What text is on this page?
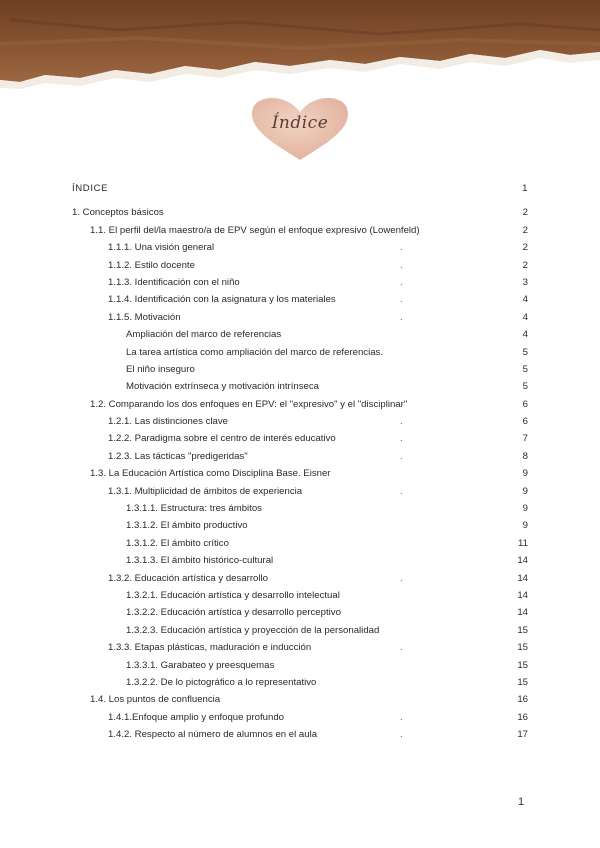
Índice
ÍNDICE	1
1. Conceptos básicos	2
1.1. El perfil del/la maestro/a de EPV según el enfoque expresivo (Lowenfeld)	2
1.1.1. Una visión general	.	2
1.1.2. Estilo docente	.	2
1.1.3. Identificación con el niño	.	3
1.1.4. Identificación con la asignatura y los materiales	.	4
1.1.5. Motivación	.	4
Ampliación del marco de referencias	4
La tarea artística como ampliación del marco de referencias.	5
El niño inseguro	5
Motivación extrínseca y motivación intrínseca	5
1.2. Comparando los dos enfoques en EPV: el "expresivo" y el "disciplinar"	6
1.2.1. Las distinciones clave	.	6
1.2.2. Paradigma sobre el centro de interés educativo	.	7
1.2.3. Las tácticas "predigeridas"	.	8
1.3. La Educación Artística como Disciplina Base. Eisner	9
1.3.1. Multiplicidad de ámbitos de experiencia	.	9
1.3.1.1. Estructura: tres ámbitos	9
1.3.1.2. El ámbito productivo	9
1.3.1.2. El ámbito crítico	11
1.3.1.3. El ámbito histórico-cultural	14
1.3.2. Educación artística y desarrollo	.	14
1.3.2.1. Educación artística y desarrollo intelectual	14
1.3.2.2. Educación artística y desarrollo perceptivo	14
1.3.2.3. Educación artística y proyección de la personalidad	15
1.3.3. Etapas plásticas, maduración e inducción	.	15
1.3.3.1. Garabateo y preesquemas	15
1.3.2.2. De lo pictográfico a lo representativo	15
1.4. Los puntos de confluencia	16
1.4.1.Enfoque amplio y enfoque profundo	.	16
1.4.2. Respecto al número de alumnos en el aula	.	17
1
